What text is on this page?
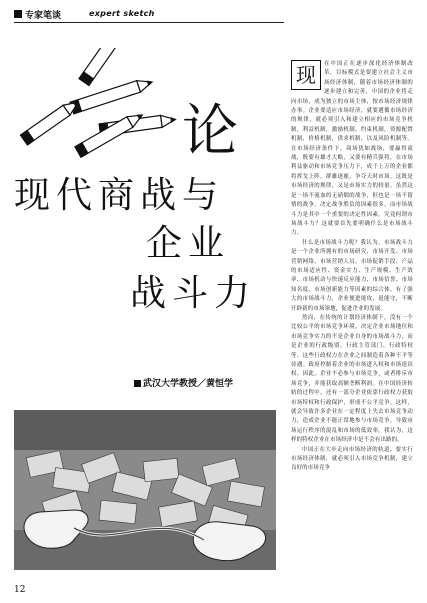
专家笔谈	expert sketch
论
现代商战与
企业
战斗力
武汉大学教授／黄恒学
现	在中国正在逐步深化经济体制改革，目标模式是要建立社会主义市场经济体制，随着市场经济体制的逐步建立和完善，中国的企业将走向市场，成为独立的市场主体，按市场经济规律办事。企业要适应市场经济，就要遵循市场经济的规律，就必须引入和建立相应的市场竞争机制，利益机制，激励机制，约束机制，资源配置机制，价格机制，供求机制，以及风险机制等。在市场经济条件下，商场犹如战场，要赢得商战，既要有雄才大略，又要有精兵强将，在市场利益驱动和市场竞争压力下，成千上万的企业都将挥戈上阵，群雄逐鹿，争夺天时市场。这既是市场经济的规律，又是市场实力的较量。虽然这是一场不流血的无硝烟的战争，但也是一场不留情的战争。决定战争胜负的因素很多，而市场战斗力是其中一个重要的决定性因素。究竟何谓市场战斗力？这就要首先要明确什么是市场战斗力。

什么是市场战斗力呢？我认为，市场战斗力是一个企业所拥有的市场研究、市场开发、市场营销网络、市场营销人员、市场促销手段、产品的市场适应性、资金实力、生产规模、生产效率、市场机动与快速反应能力、市场信誉、市场知名度、市场创新能力等因素的综合体。有了强大的市场战斗力，企业便进能攻，退能守，不断开辟新的市场领地，促进企业的发展。

然而，在传统的计划经济体制下，没有一个比较公平的市场竞争环境，决定企业市场地位和市场竞争实力的不是企业自身的市场战斗力，而是企业的行政级别、行政主管部门、行政特权等。这些行政权力在企业之间制造着各种不平等待遇。政府控制着企业的市场进入权和市场退出权。因此，企业不必参与市场竞争，或者排斥市场竞争，并能获取高额垄断利润。在中国经济转轨的过程中，还有一部分企业依靠行政权力获取市场特权和行政保护，形成不公平竞争。这样，就会导致许多企业在一定程度上失去市场竞争动力，造成企业不能正常地参与市场竞争，导致市场运行秩序的混乱和市场的低效率。我认为，这样的特权企业在市场经济中是不会有出路的。

中国正在大步走向市场经济的轨道，要实行市场经济体制，就必须引入市场竞争机制，建立良好的市场竞争

12
